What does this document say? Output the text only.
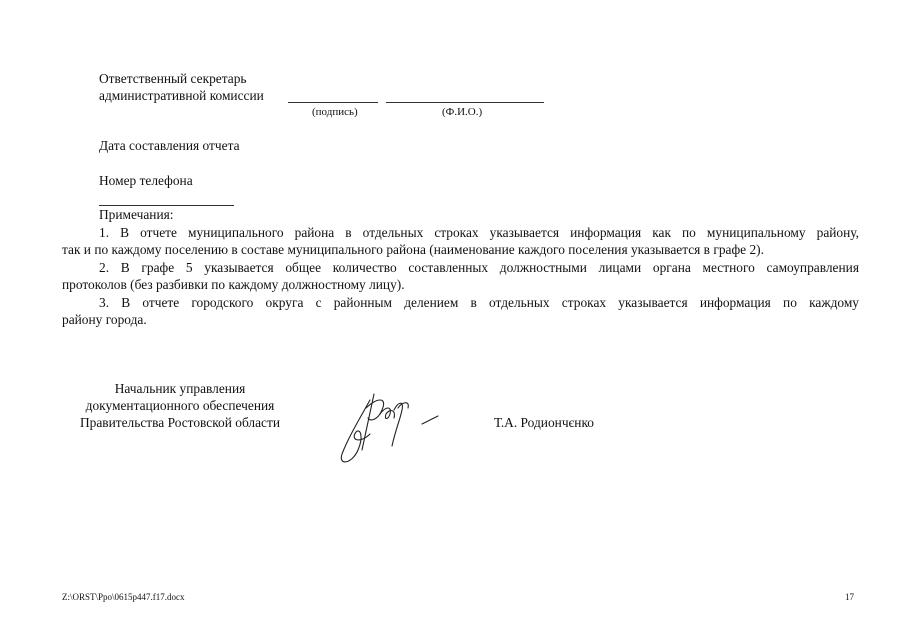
Ответственный секретарь
административной комиссии
(подпись)	(Ф.И.О.)
Дата составления отчета
Номер телефона
Примечания:
1. В отчете муниципального района в отдельных строках указывается информация как по муниципальному району,
так и по каждому поселению в составе муниципального района (наименование каждого поселения указывается в графе 2).
2. В графе 5 указывается общее количество составленных должностными лицами органа местного самоуправления
протоколов (без разбивки по каждому должностному лицу).
3. В отчете городского округа с районным делением в отдельных строках указывается информация по каждому
району города.
Начальник управления
документационного обеспечения
Правительства Ростовской области	Т.А. Родиончєнко
Z:\ORST\Ppo\0615p447.f17.docx	17
